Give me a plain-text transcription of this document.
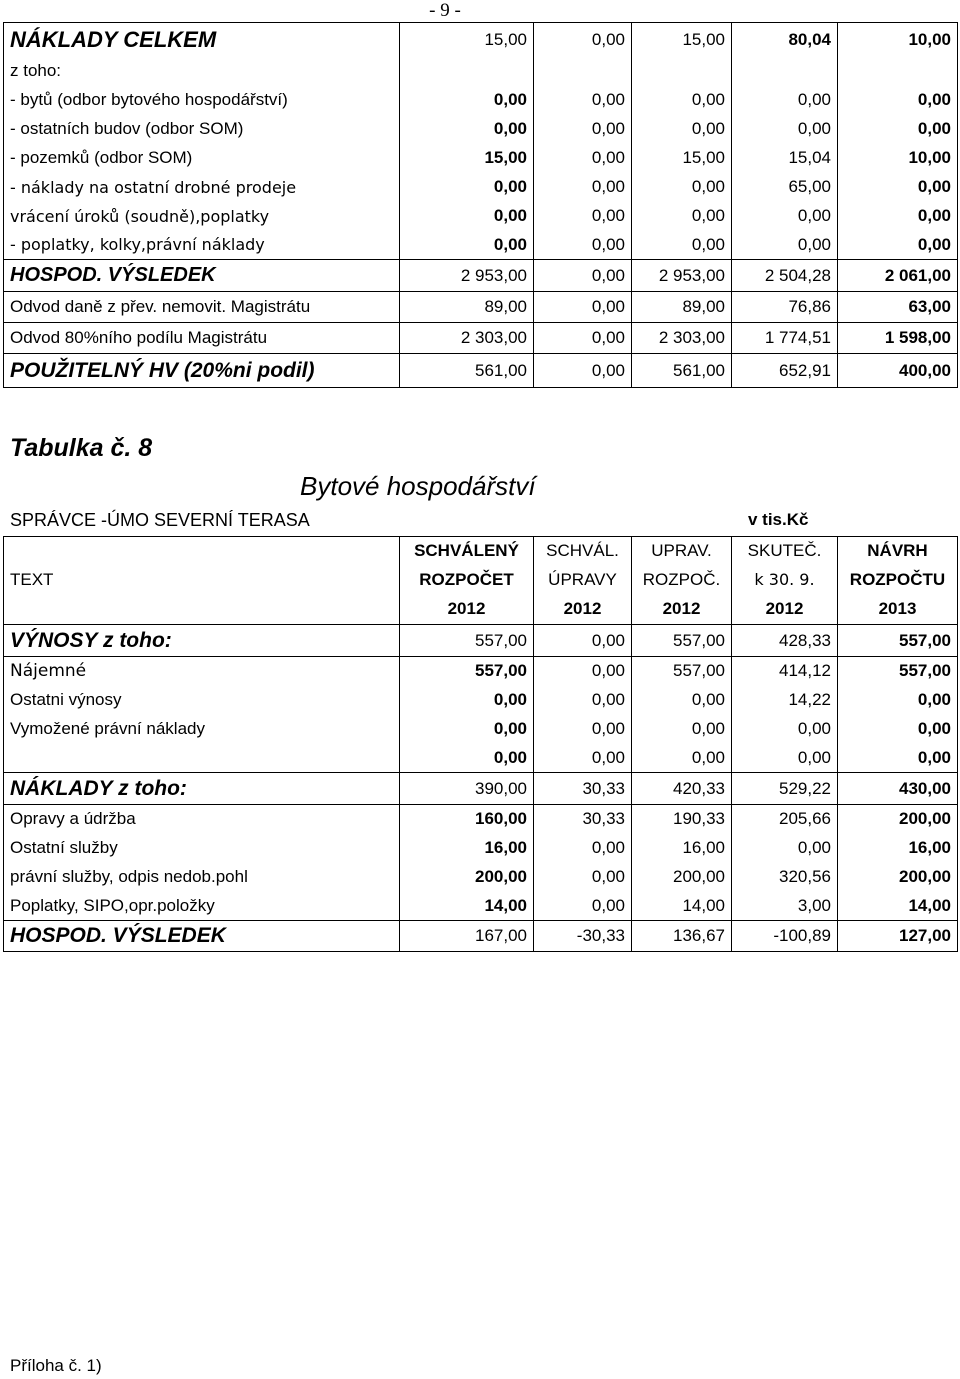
- 9 -
NÁKLADY CELKEM	15,00	0,00	15,00	80,04	10,00
z toho:					
- bytů (odbor bytového hospodářství)	0,00	0,00	0,00	0,00	0,00
- ostatních budov (odbor SOM)	0,00	0,00	0,00	0,00	0,00
- pozemků (odbor SOM)	15,00	0,00	15,00	15,04	10,00
- náklady na ostatní drobné prodeje	0,00	0,00	0,00	65,00	0,00
vrácení úroků (soudně),poplatky	0,00	0,00	0,00	0,00	0,00
- poplatky, kolky,právní náklady	0,00	0,00	0,00	0,00	0,00
HOSPOD. VÝSLEDEK	2 953,00	0,00	2 953,00	2 504,28	2 061,00
Odvod daně z přev. nemovit. Magistrátu	89,00	0,00	89,00	76,86	63,00
Odvod 80%ního podílu Magistrátu	2 303,00	0,00	2 303,00	1 774,51	1 598,00
POUŽITELNÝ HV (20%ni podil)	561,00	0,00	561,00	652,91	400,00
Tabulka č. 8
Bytové hospodářství
SPRÁVCE -ÚMO SEVERNÍ TERASA	v tis.Kč
	SCHVÁLENÝ	SCHVÁL.	UPRAV.	SKUTEČ.	NÁVRH
TEXT	ROZPOČET	ÚPRAVY	ROZPOČ.	k 30. 9.	ROZPOČTU
	2012	2012	2012	2012	2013
VÝNOSY z toho:	557,00	0,00	557,00	428,33	557,00
Nájemné	557,00	0,00	557,00	414,12	557,00
Ostatni výnosy	0,00	0,00	0,00	14,22	0,00
Vymožené právní náklady	0,00	0,00	0,00	0,00	0,00
	0,00	0,00	0,00	0,00	0,00
NÁKLADY z toho:	390,00	30,33	420,33	529,22	430,00
Opravy a údržba	160,00	30,33	190,33	205,66	200,00
Ostatní služby	16,00	0,00	16,00	0,00	16,00
právní služby, odpis nedob.pohl	200,00	0,00	200,00	320,56	200,00
Poplatky, SIPO,opr.položky	14,00	0,00	14,00	3,00	14,00
HOSPOD. VÝSLEDEK	167,00	-30,33	136,67	-100,89	127,00
Příloha č. 1)
